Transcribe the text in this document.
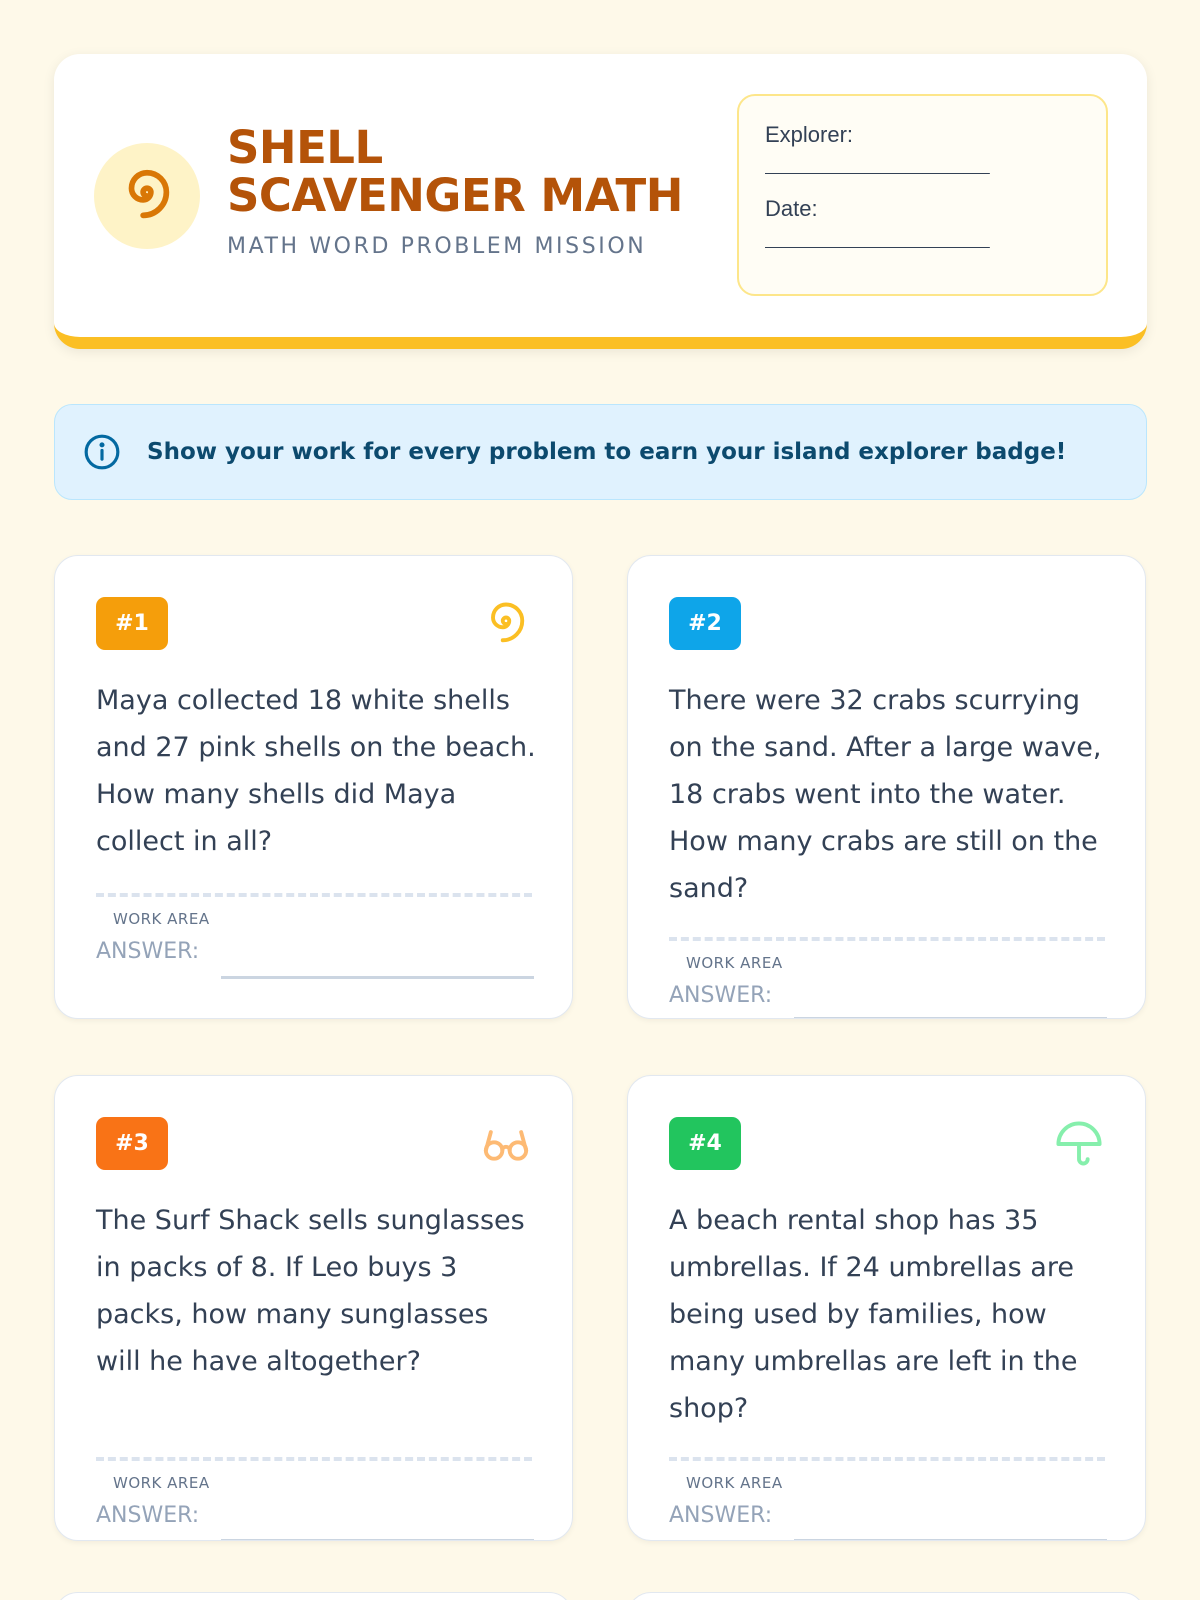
SHELL
SCAVENGER MATH
MATH WORD PROBLEM MISSION
Explorer:
___________________________
Date:
___________________________
Show your work for every problem to earn your island explorer badge!
#1
Maya collected 18 white shells and 27 pink shells on the beach. How many shells did Maya collect in all?
WORK AREA
ANSWER:
#2
There were 32 crabs scurrying on the sand. After a large wave, 18 crabs went into the water. How many crabs are still on the sand?
WORK AREA
ANSWER:
#3
The Surf Shack sells sunglasses in packs of 8. If Leo buys 3 packs, how many sunglasses will he have altogether?
WORK AREA
ANSWER:
#4
A beach rental shop has 35 umbrellas. If 24 umbrellas are being used by families, how many umbrellas are left in the shop?
WORK AREA
ANSWER:
